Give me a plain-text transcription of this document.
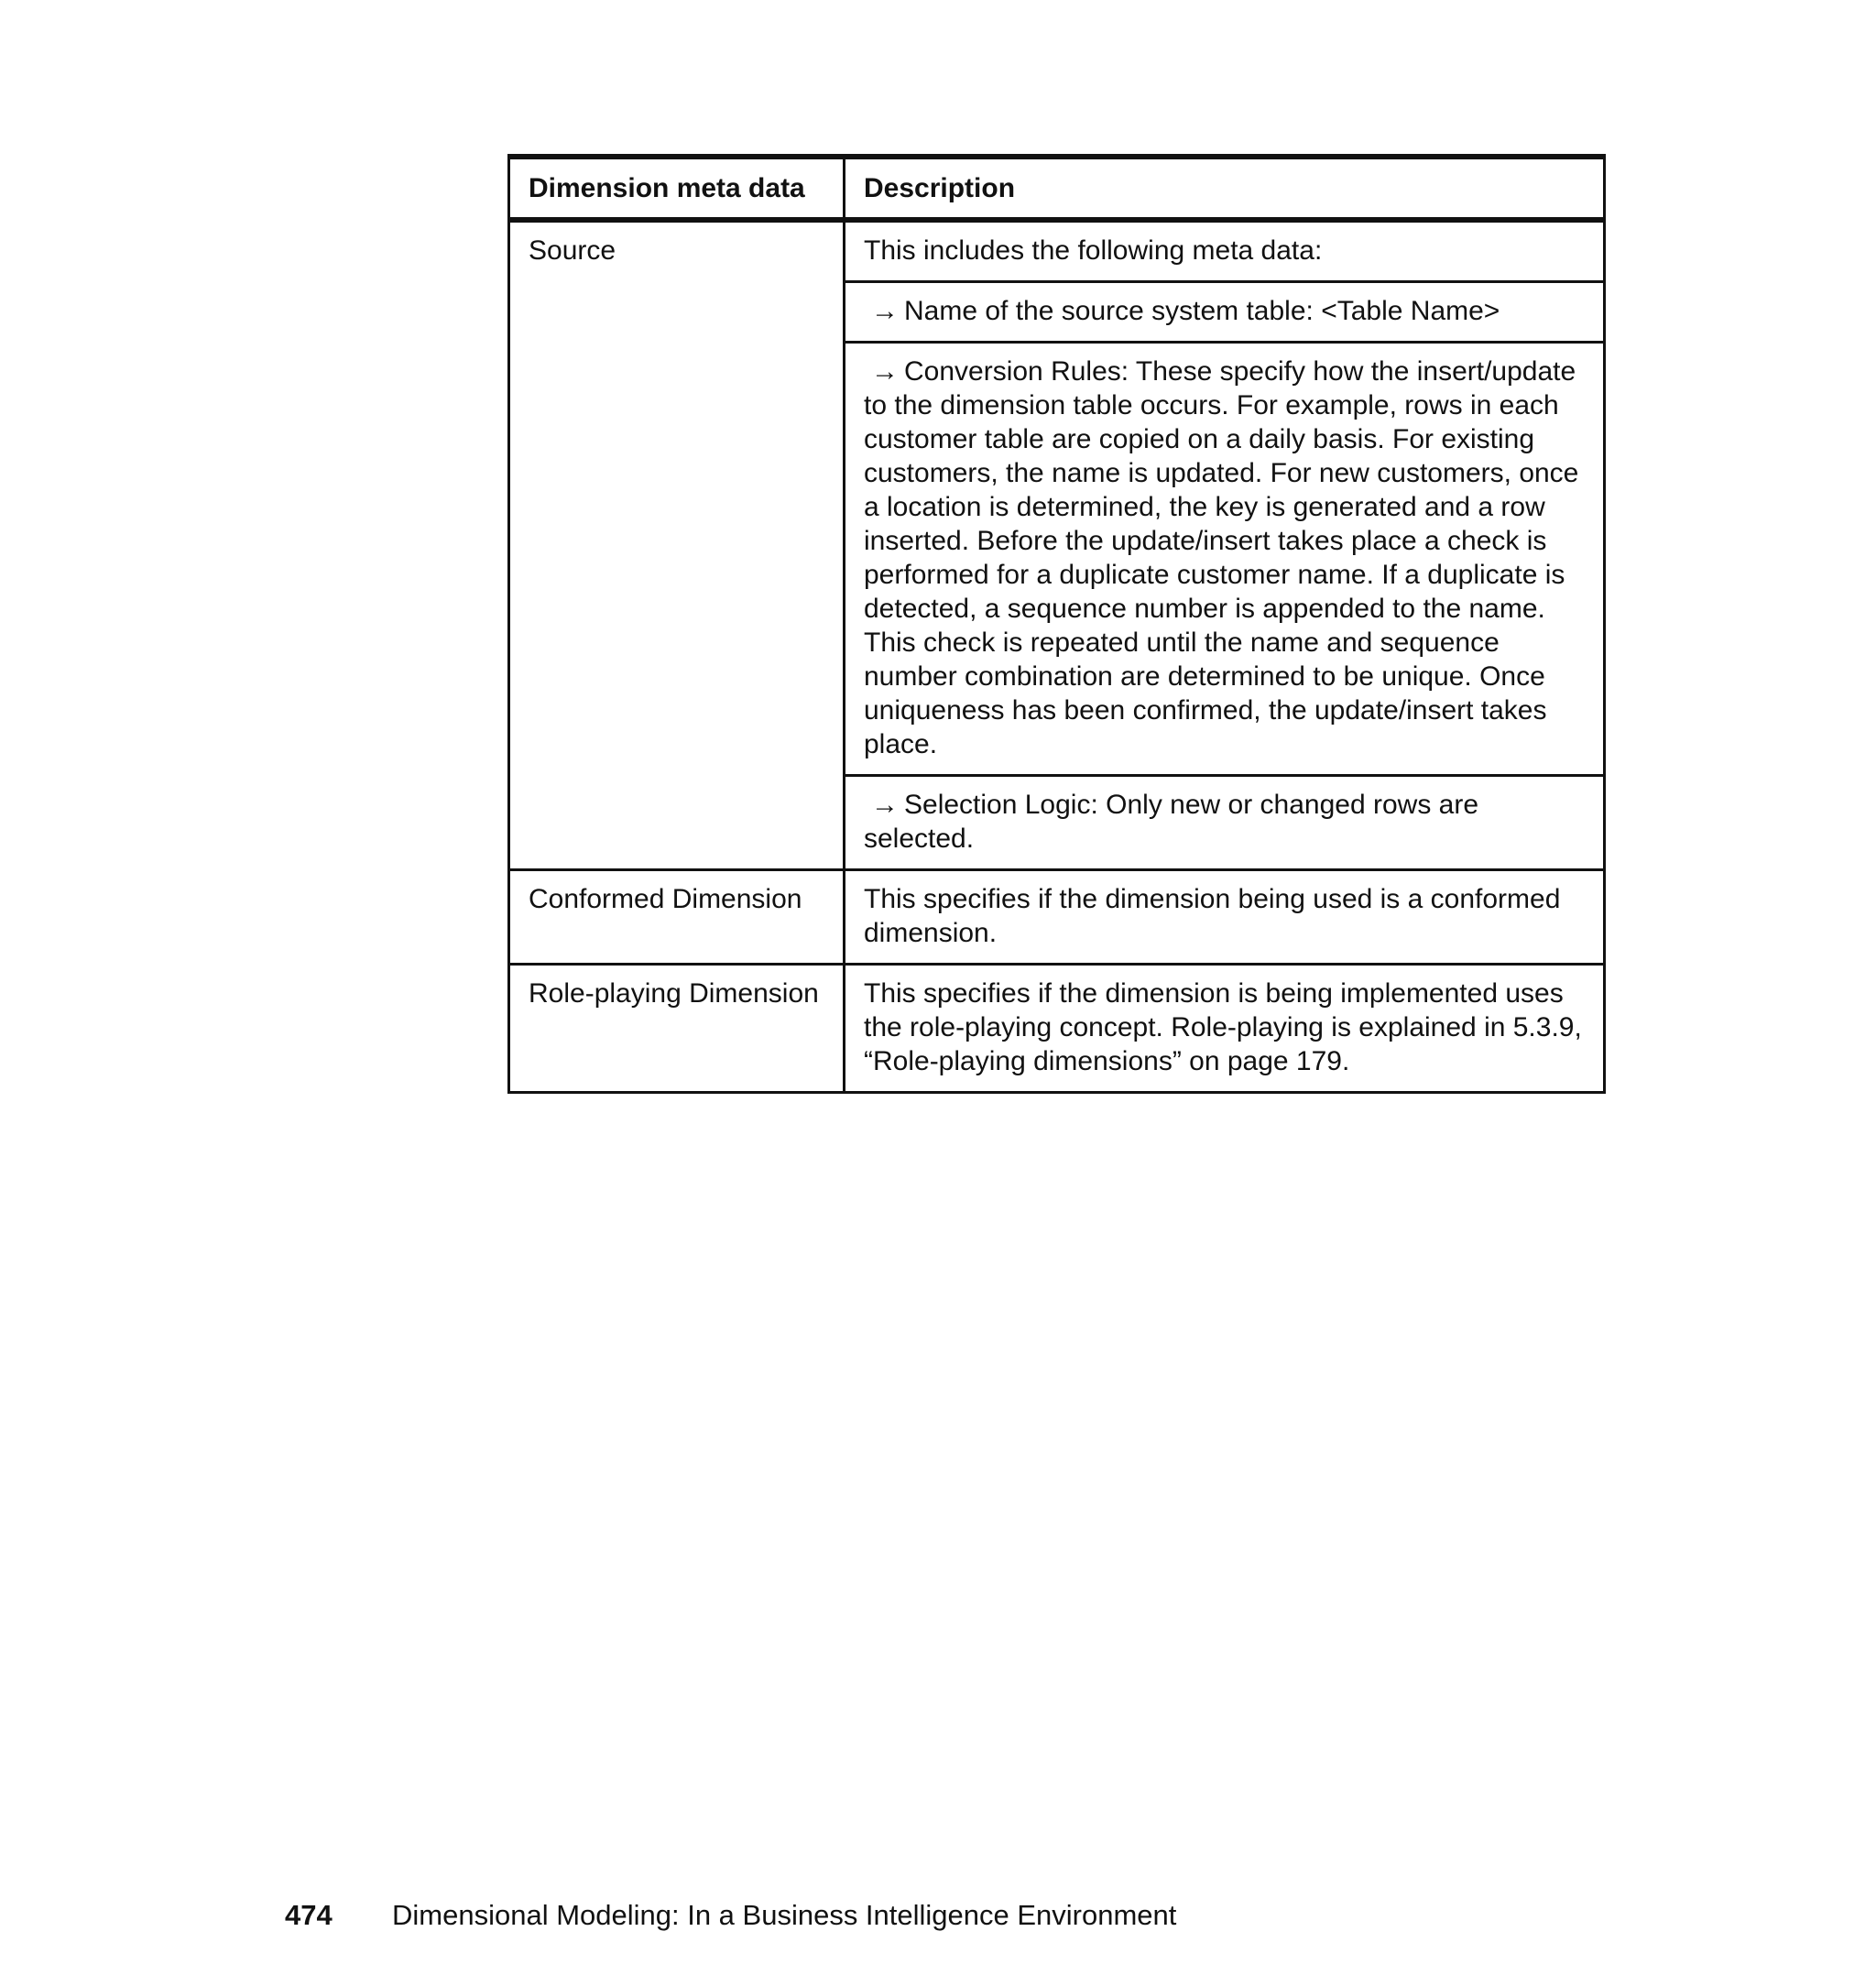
Dimension meta data	Description
Source	This includes the following meta data:
	→ Name of the source system table: <Table Name>
	→ Conversion Rules: These specify how the insert/update to the dimension table occurs. For example, rows in each customer table are copied on a daily basis. For existing customers, the name is updated. For new customers, once a location is determined, the key is generated and a row inserted. Before the update/insert takes place a check is performed for a duplicate customer name. If a duplicate is detected, a sequence number is appended to the name. This check is repeated until the name and sequence number combination are determined to be unique. Once uniqueness has been confirmed, the update/insert takes place.
	→ Selection Logic: Only new or changed rows are selected.
Conformed Dimension	This specifies if the dimension being used is a conformed dimension.
Role-playing Dimension	This specifies if the dimension is being implemented uses the role-playing concept. Role-playing is explained in 5.3.9, “Role-playing dimensions” on page 179.
474 Dimensional Modeling: In a Business Intelligence Environment
